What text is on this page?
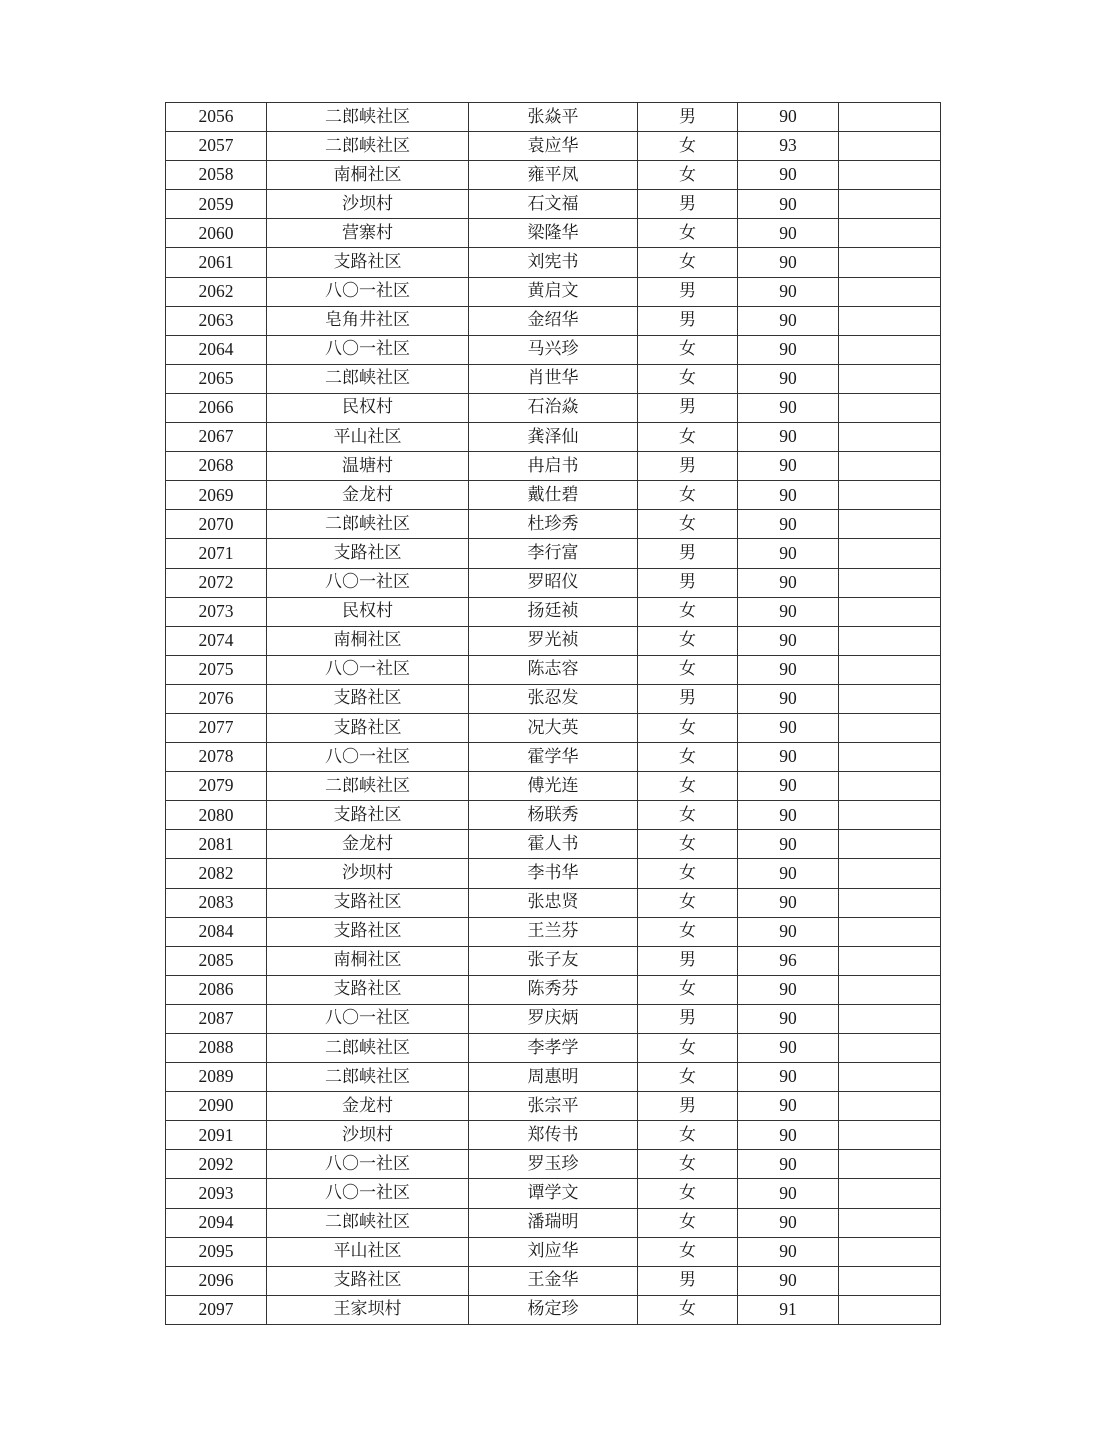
2056	二郎峡社区	张焱平	男	90	
2057	二郎峡社区	袁应华	女	93	
2058	南桐社区	雍平凤	女	90	
2059	沙坝村	石文福	男	90	
2060	营寨村	梁隆华	女	90	
2061	支路社区	刘宪书	女	90	
2062	八〇一社区	黄启文	男	90	
2063	皂角井社区	金绍华	男	90	
2064	八〇一社区	马兴珍	女	90	
2065	二郎峡社区	肖世华	女	90	
2066	民权村	石治焱	男	90	
2067	平山社区	龚泽仙	女	90	
2068	温塘村	冉启书	男	90	
2069	金龙村	戴仕碧	女	90	
2070	二郎峡社区	杜珍秀	女	90	
2071	支路社区	李行富	男	90	
2072	八〇一社区	罗昭仪	男	90	
2073	民权村	扬廷祯	女	90	
2074	南桐社区	罗光祯	女	90	
2075	八〇一社区	陈志容	女	90	
2076	支路社区	张忍发	男	90	
2077	支路社区	况大英	女	90	
2078	八〇一社区	霍学华	女	90	
2079	二郎峡社区	傅光连	女	90	
2080	支路社区	杨联秀	女	90	
2081	金龙村	霍人书	女	90	
2082	沙坝村	李书华	女	90	
2083	支路社区	张忠贤	女	90	
2084	支路社区	王兰芬	女	90	
2085	南桐社区	张子友	男	96	
2086	支路社区	陈秀芬	女	90	
2087	八〇一社区	罗庆炳	男	90	
2088	二郎峡社区	李孝学	女	90	
2089	二郎峡社区	周惠明	女	90	
2090	金龙村	张宗平	男	90	
2091	沙坝村	郑传书	女	90	
2092	八〇一社区	罗玉珍	女	90	
2093	八〇一社区	谭学文	女	90	
2094	二郎峡社区	潘瑞明	女	90	
2095	平山社区	刘应华	女	90	
2096	支路社区	王金华	男	90	
2097	王家坝村	杨定珍	女	91	
